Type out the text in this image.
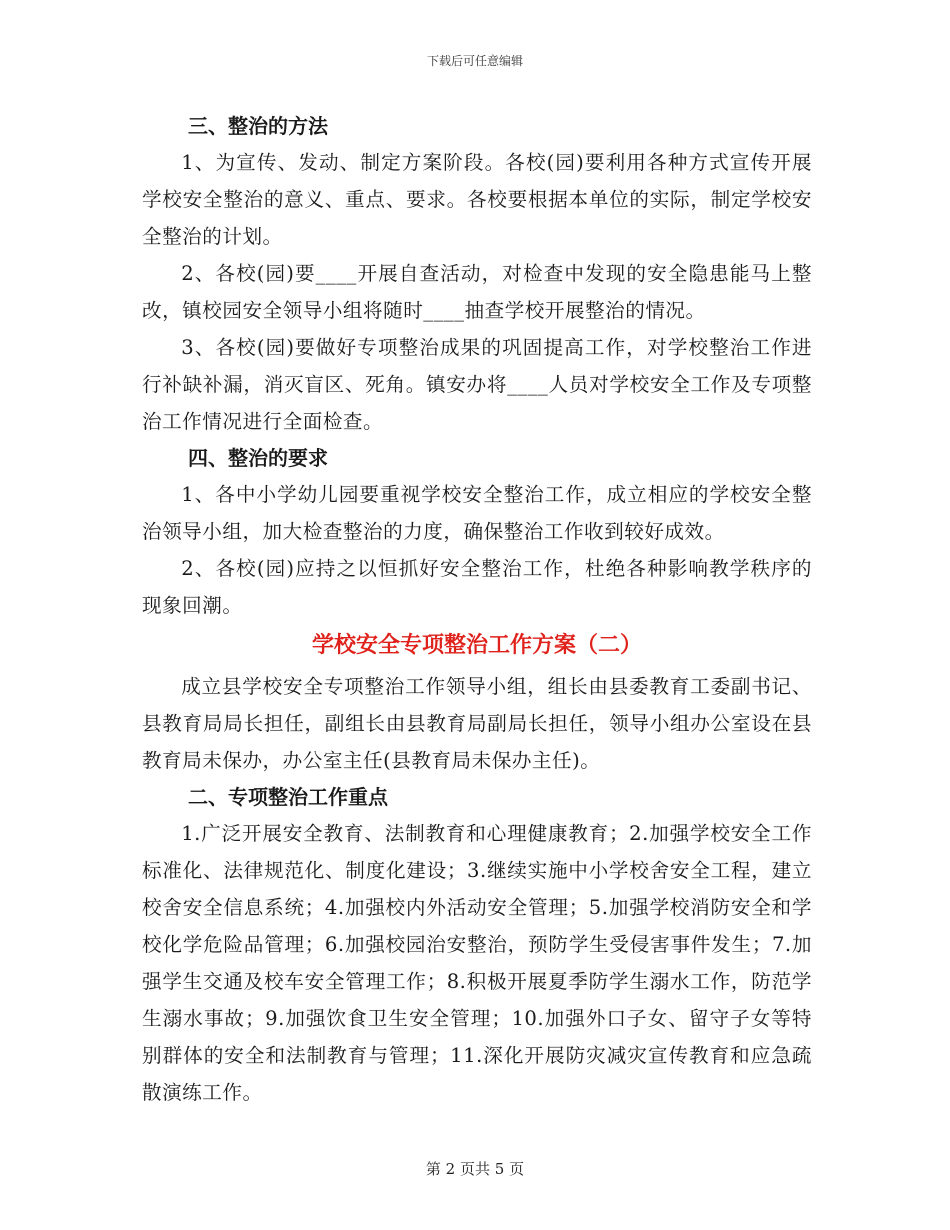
下载后可任意编辑

三、整治的方法

1、为宣传、发动、制定方案阶段。各校(园)要利用各种方式宣传开展学校安全整治的意义、重点、要求。各校要根据本单位的实际，制定学校安全整治的计划。

2、各校(园)要____开展自查活动，对检查中发现的安全隐患能马上整改，镇校园安全领导小组将随时____抽查学校开展整治的情况。

3、各校(园)要做好专项整治成果的巩固提高工作，对学校整治工作进行补缺补漏，消灭盲区、死角。镇安办将____人员对学校安全工作及专项整治工作情况进行全面检查。

四、整治的要求

1、各中小学幼儿园要重视学校安全整治工作，成立相应的学校安全整治领导小组，加大检查整治的力度，确保整治工作收到较好成效。

2、各校(园)应持之以恒抓好安全整治工作，杜绝各种影响教学秩序的现象回潮。

学校安全专项整治工作方案（二）

成立县学校安全专项整治工作领导小组，组长由县委教育工委副书记、县教育局局长担任，副组长由县教育局副局长担任，领导小组办公室设在县教育局未保办，办公室主任(县教育局未保办主任)。

二、专项整治工作重点

1.广泛开展安全教育、法制教育和心理健康教育；2.加强学校安全工作标准化、法律规范化、制度化建设；3.继续实施中小学校舍安全工程，建立校舍安全信息系统；4.加强校内外活动安全管理；5.加强学校消防安全和学校化学危险品管理；6.加强校园治安整治，预防学生受侵害事件发生；7.加强学生交通及校车安全管理工作；8.积极开展夏季防学生溺水工作，防范学生溺水事故；9.加强饮食卫生安全管理；10.加强外口子女、留守子女等特别群体的安全和法制教育与管理；11.深化开展防灾减灾宣传教育和应急疏散演练工作。

第 2 页共 5 页
